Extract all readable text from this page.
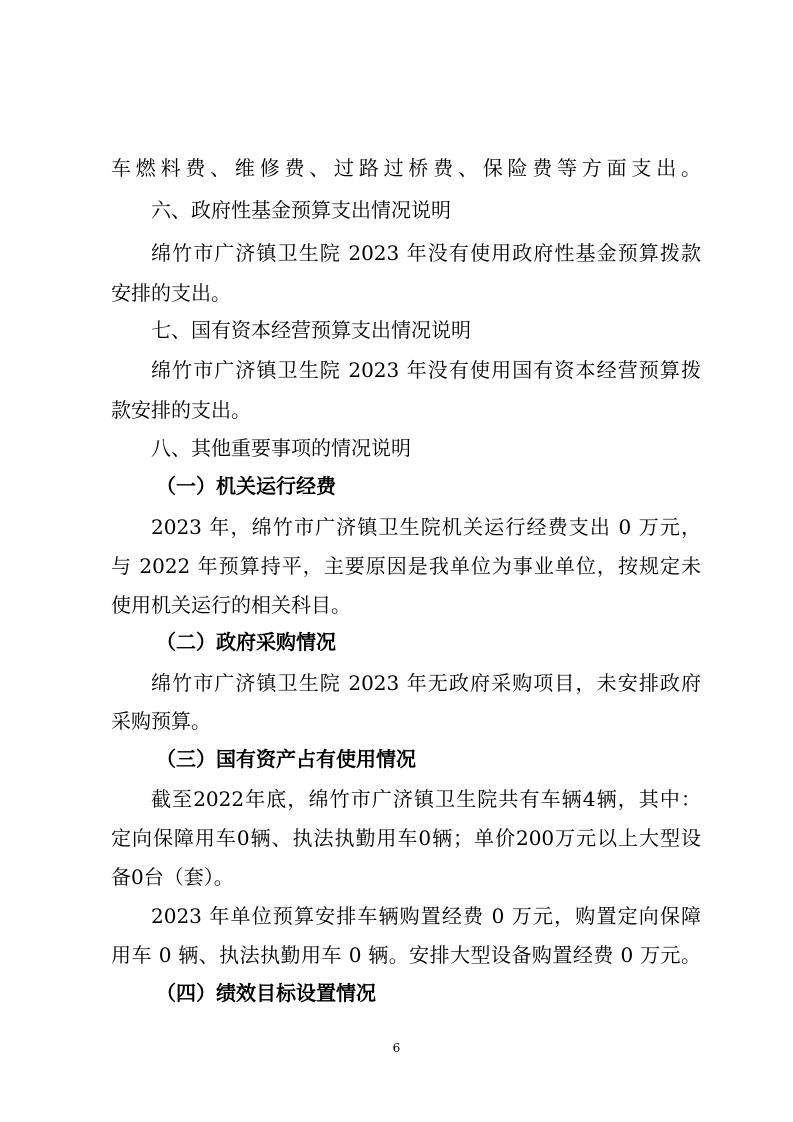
车燃料费、维修费、过路过桥费、保险费等方面支出。
六、政府性基金预算支出情况说明
绵竹市广济镇卫生院 2023 年没有使用政府性基金预算拨款
安排的支出。
七、国有资本经营预算支出情况说明
绵竹市广济镇卫生院 2023 年没有使用国有资本经营预算拨
款安排的支出。
八、其他重要事项的情况说明
（一）机关运行经费
2023 年，绵竹市广济镇卫生院机关运行经费支出 0 万元，
与 2022 年预算持平，主要原因是我单位为事业单位，按规定未
使用机关运行的相关科目。
（二）政府采购情况
绵竹市广济镇卫生院 2023 年无政府采购项目，未安排政府
采购预算。
（三）国有资产占有使用情况
截至2022年底，绵竹市广济镇卫生院共有车辆4辆，其中：
定向保障用车0辆、执法执勤用车0辆；单价200万元以上大型设
备0台（套）。
2023 年单位预算安排车辆购置经费 0 万元，购置定向保障
用车 0 辆、执法执勤用车 0 辆。安排大型设备购置经费 0 万元。
（四）绩效目标设置情况
6
